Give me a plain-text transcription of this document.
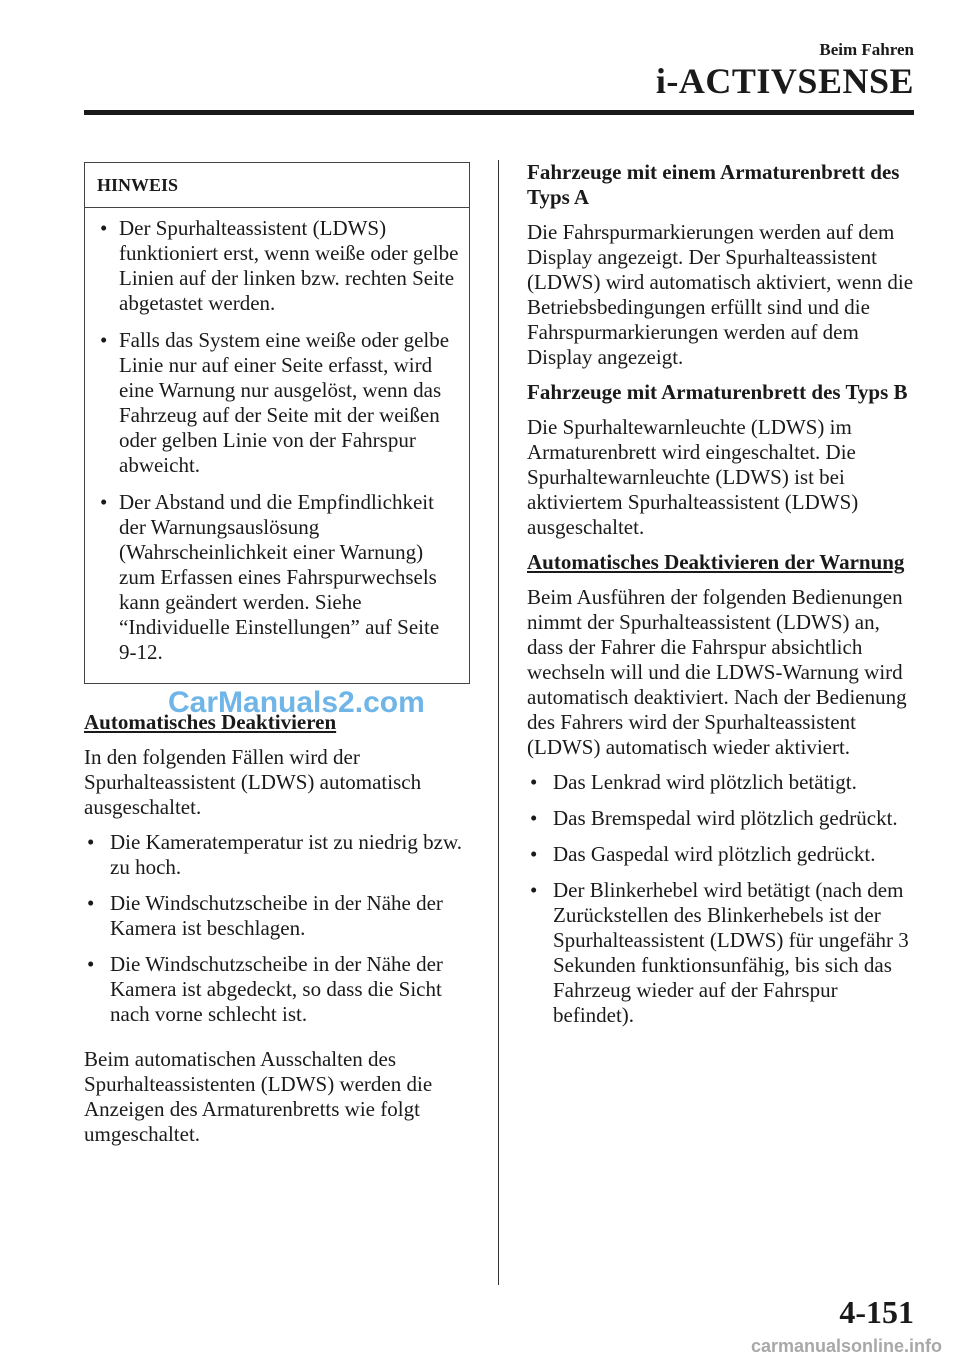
Beim Fahren
i-ACTIVSENSE
HINWEIS
• Der Spurhalteassistent (LDWS) funktioniert erst, wenn weiße oder gelbe Linien auf der linken bzw. rechten Seite abgetastet werden.
• Falls das System eine weiße oder gelbe Linie nur auf einer Seite erfasst, wird eine Warnung nur ausgelöst, wenn das Fahrzeug auf der Seite mit der weißen oder gelben Linie von der Fahrspur abweicht.
• Der Abstand und die Empfindlichkeit der Warnungsauslösung (Wahrscheinlichkeit einer Warnung) zum Erfassen eines Fahrspurwechsels kann geändert werden. Siehe “Individuelle Einstellungen” auf Seite 9-12.
Automatisches Deaktivieren

In den folgenden Fällen wird der Spurhalteassistent (LDWS) automatisch ausgeschaltet.

• Die Kameratemperatur ist zu niedrig bzw. zu hoch.
• Die Windschutzscheibe in der Nähe der Kamera ist beschlagen.
• Die Windschutzscheibe in der Nähe der Kamera ist abgedeckt, so dass die Sicht nach vorne schlecht ist.

Beim automatischen Ausschalten des Spurhalteassistenten (LDWS) werden die Anzeigen des Armaturenbretts wie folgt umgeschaltet.

Fahrzeuge mit einem Armaturenbrett des Typs A

Die Fahrspurmarkierungen werden auf dem Display angezeigt. Der Spurhalteassistent (LDWS) wird automatisch aktiviert, wenn die Betriebsbedingungen erfüllt sind und die Fahrspurmarkierungen werden auf dem Display angezeigt.

Fahrzeuge mit Armaturenbrett des Typs B

Die Spurhaltewarnleuchte (LDWS) im Armaturenbrett wird eingeschaltet. Die Spurhaltewarnleuchte (LDWS) ist bei aktiviertem Spurhalteassistent (LDWS) ausgeschaltet.

Automatisches Deaktivieren der Warnung

Beim Ausführen der folgenden Bedienungen nimmt der Spurhalteassistent (LDWS) an, dass der Fahrer die Fahrspur absichtlich wechseln will und die LDWS-Warnung wird automatisch deaktiviert. Nach der Bedienung des Fahrers wird der Spurhalteassistent (LDWS) automatisch wieder aktiviert.

• Das Lenkrad wird plötzlich betätigt.
• Das Bremspedal wird plötzlich gedrückt.
• Das Gaspedal wird plötzlich gedrückt.
• Der Blinkerhebel wird betätigt (nach dem Zurückstellen des Blinkerhebels ist der Spurhalteassistent (LDWS) für ungefähr 3 Sekunden funktionsunfähig, bis sich das Fahrzeug wieder auf der Fahrspur befindet).
CarManuals2.com
4-151
carmanualsonline.info
